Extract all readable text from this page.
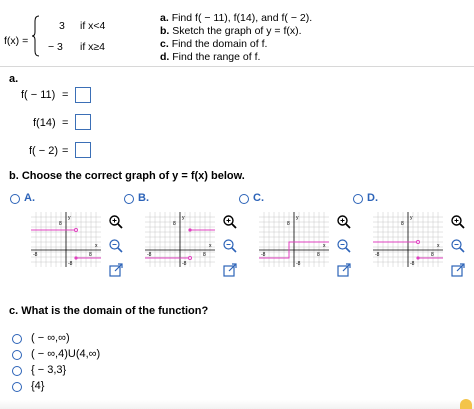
f(x) =
3 if x<4
− 3 if x≥4
a. Find f( − 11), f(14), and f( − 2).
b. Sketch the graph of y = f(x).
c. Find the domain of f.
d. Find the range of f.
a.
f( − 11) =
f(14) =
f( − 2) =
b. Choose the correct graph of y = f(x) below.
A.
y
8
x
-8	8
-8
B.
y
8
x
-8	8
-8
C.
y
8
x
-8	8
-8
D.
y
8
x
-8	8
-8
c. What is the domain of the function?
( − ∞,∞)
( − ∞,4)U(4,∞)
{ − 3,3}
{4}
